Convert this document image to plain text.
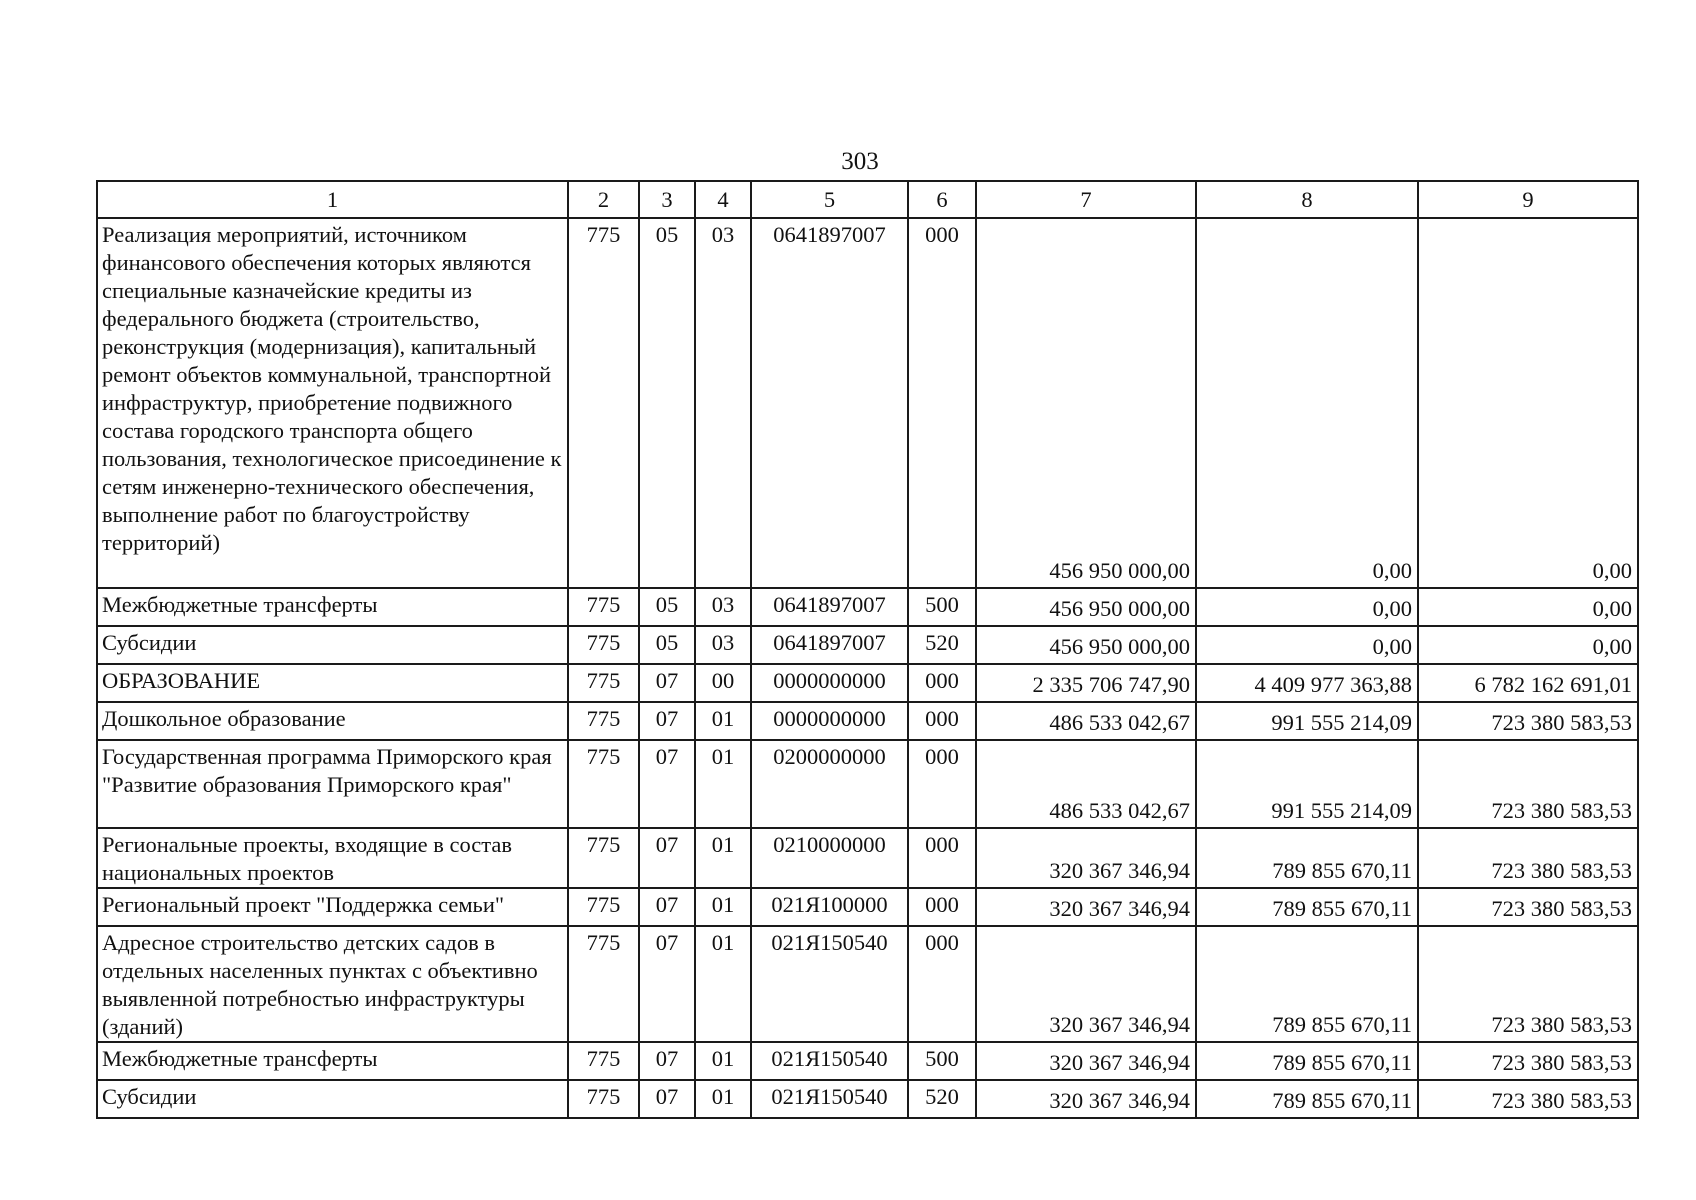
303
1	2	3	4	5	6	7	8	9
Реализация мероприятий, источником финансового обеспечения которых являются специальные казначейские кредиты из федерального бюджета (строительство, реконструкция (модернизация), капитальный ремонт объектов коммунальной, транспортной инфраструктур, приобретение подвижного состава городского транспорта общего пользования, технологическое присоединение к сетям инженерно-технического обеспечения, выполнение работ по благоустройству территорий)	775	05	03	0641897007	000	456 950 000,00	0,00	0,00
Межбюджетные трансферты	775	05	03	0641897007	500	456 950 000,00	0,00	0,00
Субсидии	775	05	03	0641897007	520	456 950 000,00	0,00	0,00
ОБРАЗОВАНИЕ	775	07	00	0000000000	000	2 335 706 747,90	4 409 977 363,88	6 782 162 691,01
Дошкольное образование	775	07	01	0000000000	000	486 533 042,67	991 555 214,09	723 380 583,53
Государственная программа Приморского края "Развитие образования Приморского края"	775	07	01	0200000000	000	486 533 042,67	991 555 214,09	723 380 583,53
Региональные проекты, входящие в состав национальных проектов	775	07	01	0210000000	000	320 367 346,94	789 855 670,11	723 380 583,53
Региональный проект "Поддержка семьи"	775	07	01	021Я100000	000	320 367 346,94	789 855 670,11	723 380 583,53
Адресное строительство детских садов в отдельных населенных пунктах с объективно выявленной потребностью инфраструктуры (зданий)	775	07	01	021Я150540	000	320 367 346,94	789 855 670,11	723 380 583,53
Межбюджетные трансферты	775	07	01	021Я150540	500	320 367 346,94	789 855 670,11	723 380 583,53
Субсидии	775	07	01	021Я150540	520	320 367 346,94	789 855 670,11	723 380 583,53
